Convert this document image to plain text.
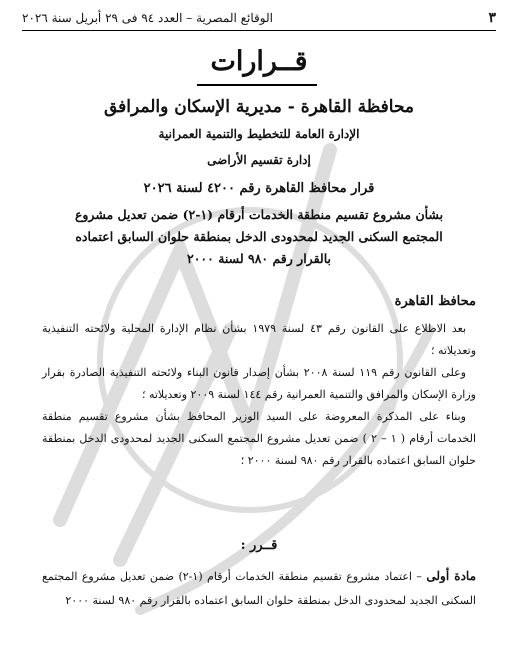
٣
الوقائع المصرية – العدد ٩٤ فى ٢٩ أبريل سنة ٢٠٢٦
قــرارات
محافظة القاهرة - مديرية الإسكان والمرافق
الإدارة العامة للتخطيط والتنمية العمرانية
إدارة تقسيم الأراضى
قرار محافظ القاهرة رقم ٤٢٠٠ لسنة ٢٠٢٦
بشأن مشروع تقسيم منطقة الخدمات أرقام (١-٢) ضمن تعديل مشروع المجتمع السكنى الجديد لمحدودى الدخل بمنطقة حلوان السابق اعتماده بالقرار رقم ٩٨٠ لسنة ٢٠٠٠
محافظ القاهرة

بعد الاطلاع على القانون رقم ٤٣ لسنة ١٩٧٩ بشأن نظام الإدارة المحلية ولائحته التنفيذية وتعديلاته ؛

وعلى القانون رقم ١١٩ لسنة ٢٠٠٨ بشأن إصدار قانون البناء ولائحته التنفيذية الصادرة بقرار وزارة الإسكان والمرافق والتنمية العمرانية رقم ١٤٤ لسنة ٢٠٠٩ وتعديلاته ؛

وبناء على المذكرة المعروضة على السيد الوزير المحافظ بشأن مشروع تقسيم منطقة الخدمات أرقام ( ١ – ٢ ) ضمن تعديل مشروع المجتمع السكنى الجديد لمحدودى الدخل بمنطقة حلوان السابق اعتماده بالقرار رقم ٩٨٠ لسنة ٢٠٠٠ ؛

قــرر :
مادة أولى – اعتماد مشروع تقسيم منطقة الخدمات أرقام (١-٢) ضمن تعديل مشروع المجتمع السكنى الجديد لمحدودى الدخل بمنطقة حلوان السابق اعتماده بالقرار رقم ٩٨٠ لسنة ٢٠٠٠
